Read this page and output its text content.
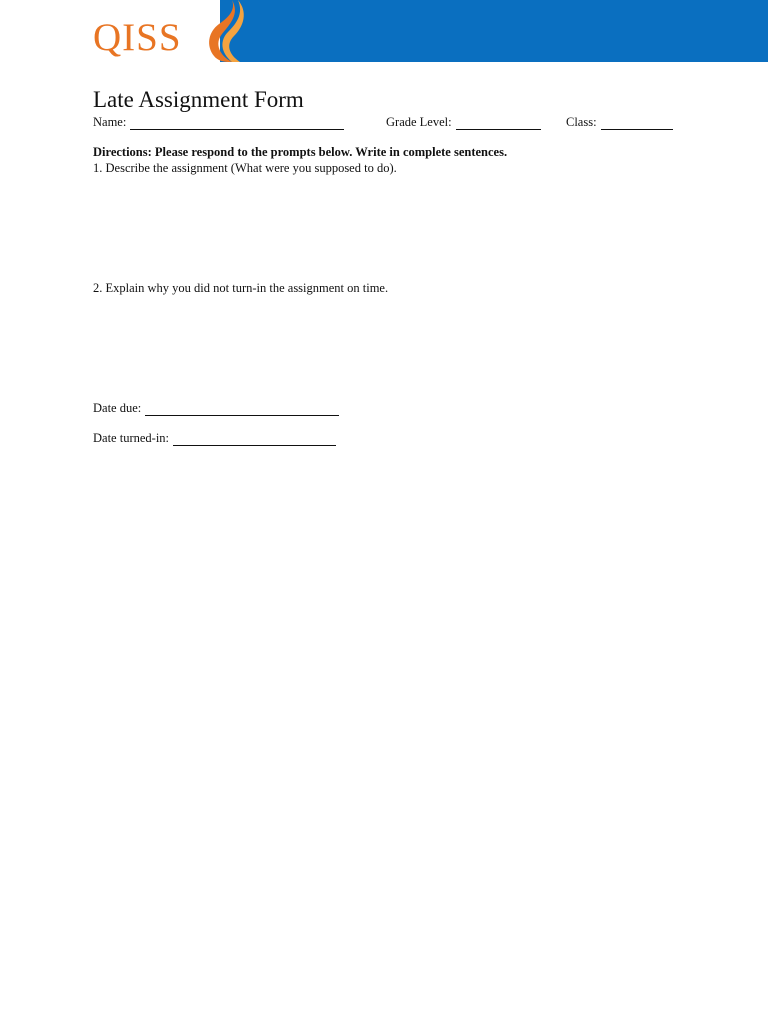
QISS
Late Assignment Form
Name:	Grade Level:	Class:
Directions: Please respond to the prompts below. Write in complete sentences.
1. Describe the assignment (What were you supposed to do).
2. Explain why you did not turn-in the assignment on time.
Date due:
Date turned-in:
